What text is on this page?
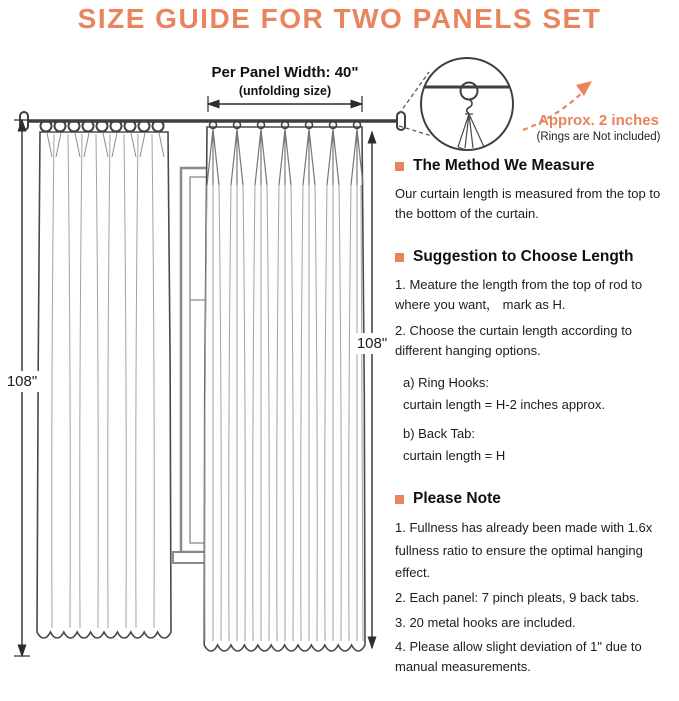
SIZE GUIDE FOR TWO PANELS SET
Per Panel Width: 40"
(unfolding size)
108"
108"
Approx. 2 inches
(Rings are Not included)
The Method We Measure

Our curtain length is measured from the top to the bottom of the curtain.

Suggestion to Choose Length

1. Meature the length from the top of rod to where you want， mark as H.

2. Choose the curtain length according to different hanging options.

a) Ring Hooks:

curtain length = H-2 inches approx.

b) Back Tab:

curtain length = H

Please Note

1. Fullness has already been made with 1.6x fullness ratio to ensure the optimal hanging effect.

2. Each panel: 7 pinch pleats, 9 back tabs.

3. 20 metal hooks are included.

4. Please allow slight deviation of 1" due to manual measurements.
